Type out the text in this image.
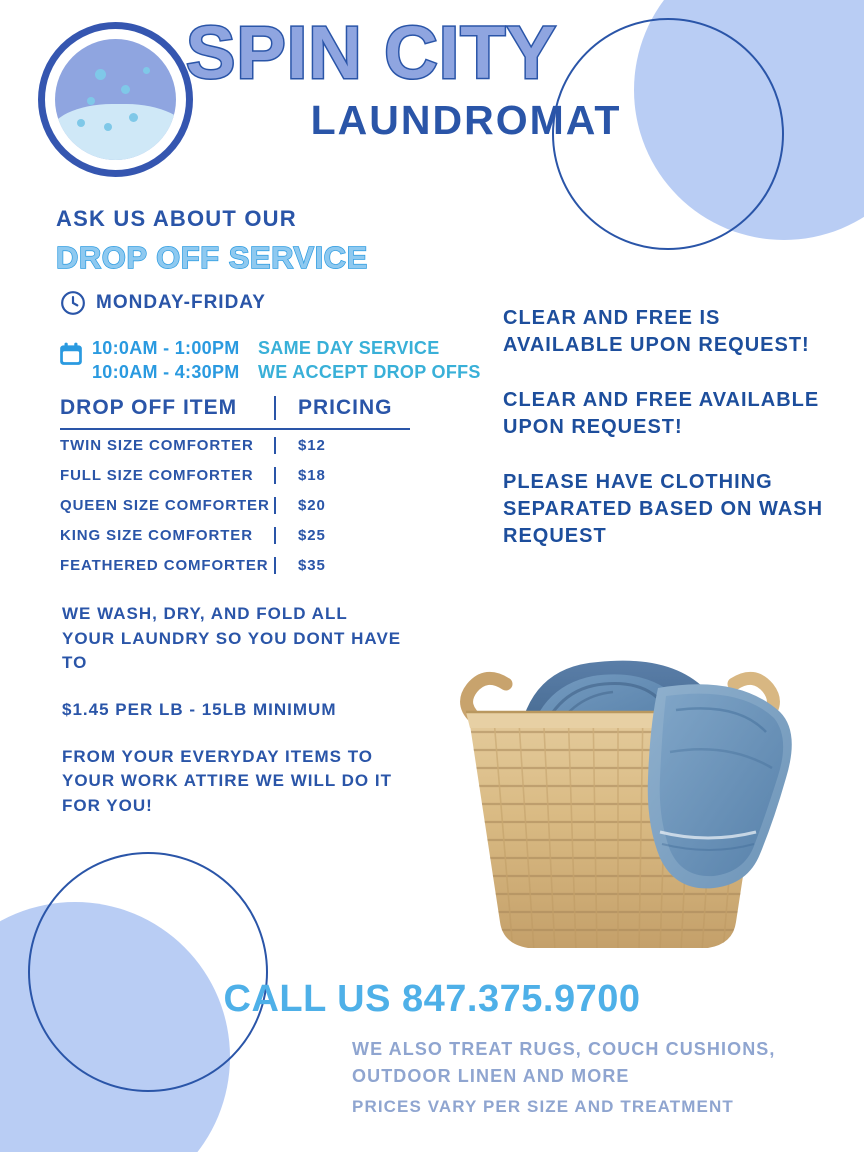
SPIN CITY
LAUNDROMAT
ASK US ABOUT OUR
DROP OFF SERVICE
MONDAY-FRIDAY
10:0AM - 1:00PM SAME DAY SERVICE
10:0AM - 4:30PM WE ACCEPT DROP OFFS
DROP OFF ITEM	PRICING
TWIN SIZE COMFORTER	$12
FULL SIZE COMFORTER	$18
QUEEN SIZE COMFORTER	$20
KING SIZE COMFORTER	$25
FEATHERED COMFORTER	$35

WE WASH, DRY, AND FOLD ALL YOUR LAUNDRY SO YOU DONT HAVE TO

$1.45 PER LB - 15LB MINIMUM

FROM YOUR EVERYDAY ITEMS TO YOUR WORK ATTIRE WE WILL DO IT FOR YOU!

CLEAR AND FREE IS AVAILABLE UPON REQUEST!

CLEAR AND FREE AVAILABLE UPON REQUEST!

PLEASE HAVE CLOTHING SEPARATED BASED ON WASH REQUEST

CALL US 847.375.9700
WE ALSO TREAT RUGS, COUCH CUSHIONS, OUTDOOR LINEN AND MORE
PRICES VARY PER SIZE AND TREATMENT
